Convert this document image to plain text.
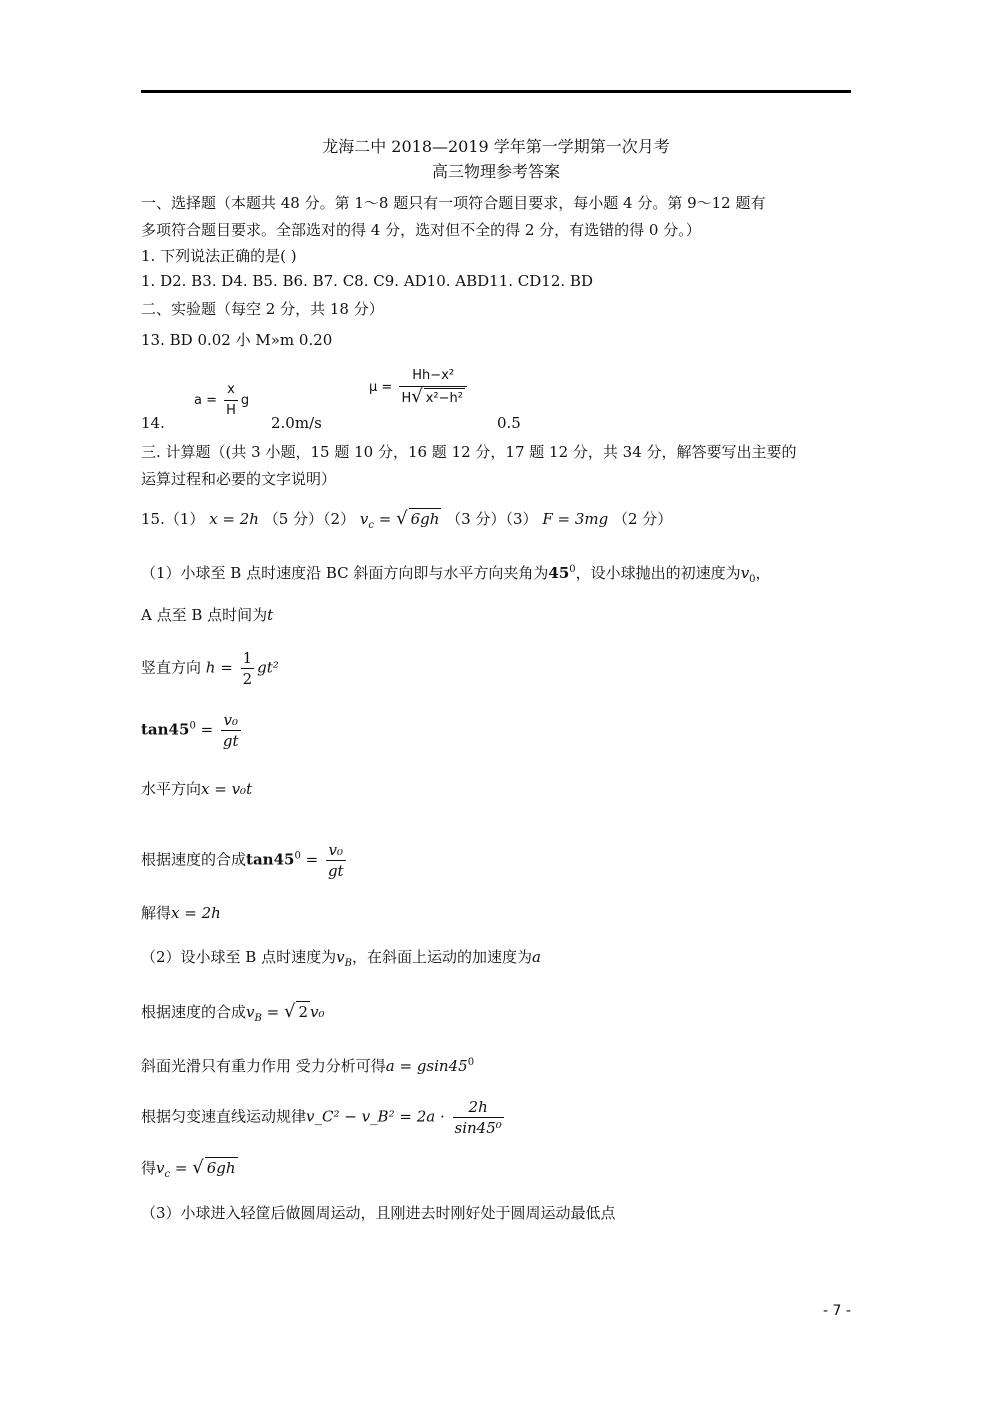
龙海二中 2018—2019 学年第一学期第一次月考
高三物理参考答案
一、选择题（本题共 48 分。第 1～8 题只有一项符合题目要求，每小题 4 分。第 9～12 题有
多项符合题目要求。全部选对的得 4 分，选对但不全的得 2 分，有选错的得 0 分。）
1. 下列说法正确的是( )
1. D2. B3. D4. B5. B6. B7. C8. C9. AD10. ABD11. CD12. BD
二、实验题（每空 2 分，共 18 分）
13. BD 0.02 小 M»m 0.20
14.
$a = \frac{x}{H}$ g
2.0m/s
$\mu = \frac{\text{Hh−x²}}{\text{H√ x²−h²}}$
0.5
三. 计算题（(共 3 小题，15 题 10 分，16 题 12 分，17 题 12 分，共 34 分，解答要写出主要的
运算过程和必要的文字说明）
15.（1） x = 2h （5 分）（2） $v_c$ = √ 6gh （3 分）（3） F = 3mg （2 分）
（1）小球至 B 点时速度沿 BC 斜面方向即与水平方向夹角为$45^0$，设小球抛出的初速度为$v_0$，
A 点至 B 点时间为t
竖直方向 $h = \frac{1}{2} gt^2$
$\tan 45^0 = \frac{\text{v₀}}{gt}$
水平方向x = v₀t
根据速度的合成$\tan 45^0 = \frac{\text{v₀}}{gt}$
解得x = 2h
（2）设小球至 B 点时速度为$v_B$，在斜面上运动的加速度为a
根据速度的合成$v_B$ = √ 2 v₀
斜面光滑只有重力作用 受力分析可得$a = gsin45^0$
根据匀变速直线运动规律v_C² − v_B² = $2a \cdot \frac{2h}{\text{sin45⁰}}$
得$v_c$ = √ 6gh
（3）小球进入轻筐后做圆周运动，且刚进去时刚好处于圆周运动最低点
- 7 -
